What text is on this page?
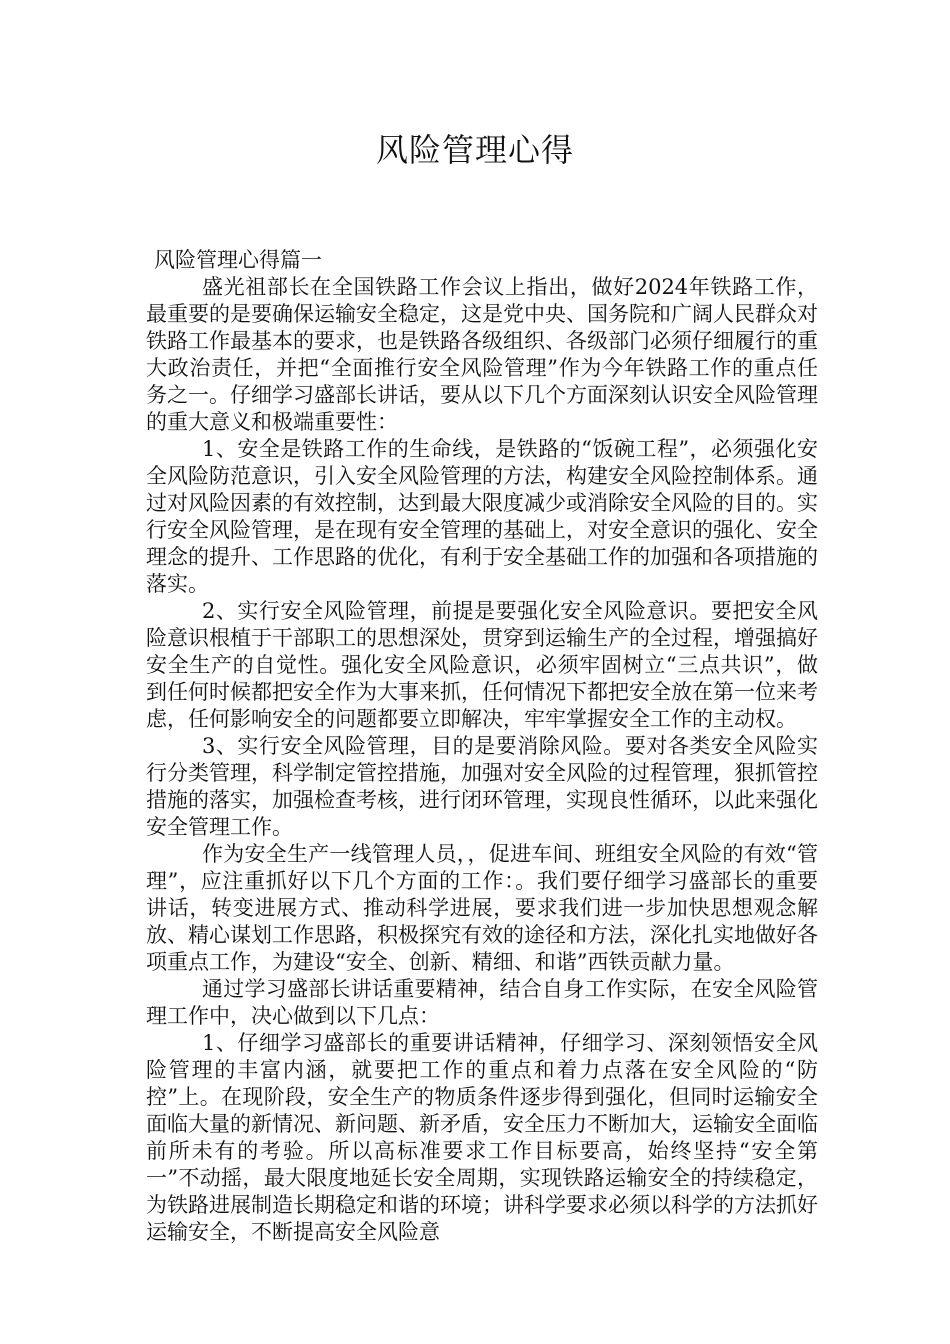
风险管理心得

风险管理心得篇一

盛光祖部长在全国铁路工作会议上指出，做好2024年铁路工作，最重要的是要确保运输安全稳定，这是党中央、国务院和广阔人民群众对铁路工作最基本的要求，也是铁路各级组织、各级部门必须仔细履行的重大政治责任，并把“全面推行安全风险管理”作为今年铁路工作的重点任务之一。仔细学习盛部长讲话，要从以下几个方面深刻认识安全风险管理的重大意义和极端重要性：

1、安全是铁路工作的生命线，是铁路的“饭碗工程”，必须强化安全风险防范意识，引入安全风险管理的方法，构建安全风险控制体系。通过对风险因素的有效控制，达到最大限度减少或消除安全风险的目的。实行安全风险管理，是在现有安全管理的基础上，对安全意识的强化、安全理念的提升、工作思路的优化，有利于安全基础工作的加强和各项措施的落实。

2、实行安全风险管理，前提是要强化安全风险意识。要把安全风险意识根植于干部职工的思想深处，贯穿到运输生产的全过程，增强搞好安全生产的自觉性。强化安全风险意识，必须牢固树立“三点共识”，做到任何时候都把安全作为大事来抓，任何情况下都把安全放在第一位来考虑，任何影响安全的问题都要立即解决，牢牢掌握安全工作的主动权。

3、实行安全风险管理，目的是要消除风险。要对各类安全风险实行分类管理，科学制定管控措施，加强对安全风险的过程管理，狠抓管控措施的落实，加强检查考核，进行闭环管理，实现良性循环，以此来强化安全管理工作。

作为安全生产一线管理人员，，促进车间、班组安全风险的有效“管理”，应注重抓好以下几个方面的工作：。我们要仔细学习盛部长的重要讲话，转变进展方式、推动科学进展，要求我们进一步加快思想观念解放、精心谋划工作思路，积极探究有效的途径和方法，深化扎实地做好各项重点工作，为建设“安全、创新、精细、和谐”西铁贡献力量。

通过学习盛部长讲话重要精神，结合自身工作实际，在安全风险管理工作中，决心做到以下几点：

1、仔细学习盛部长的重要讲话精神，仔细学习、深刻领悟安全风险管理的丰富内涵，就要把工作的重点和着力点落在安全风险的“防控”上。在现阶段，安全生产的物质条件逐步得到强化，但同时运输安全面临大量的新情况、新问题、新矛盾，安全压力不断加大，运输安全面临前所未有的考验。所以高标准要求工作目标要高，始终坚持“安全第一”不动摇，最大限度地延长安全周期，实现铁路运输安全的持续稳定，为铁路进展制造长期稳定和谐的环境；讲科学要求必须以科学的方法抓好运输安全，不断提高安全风险意
